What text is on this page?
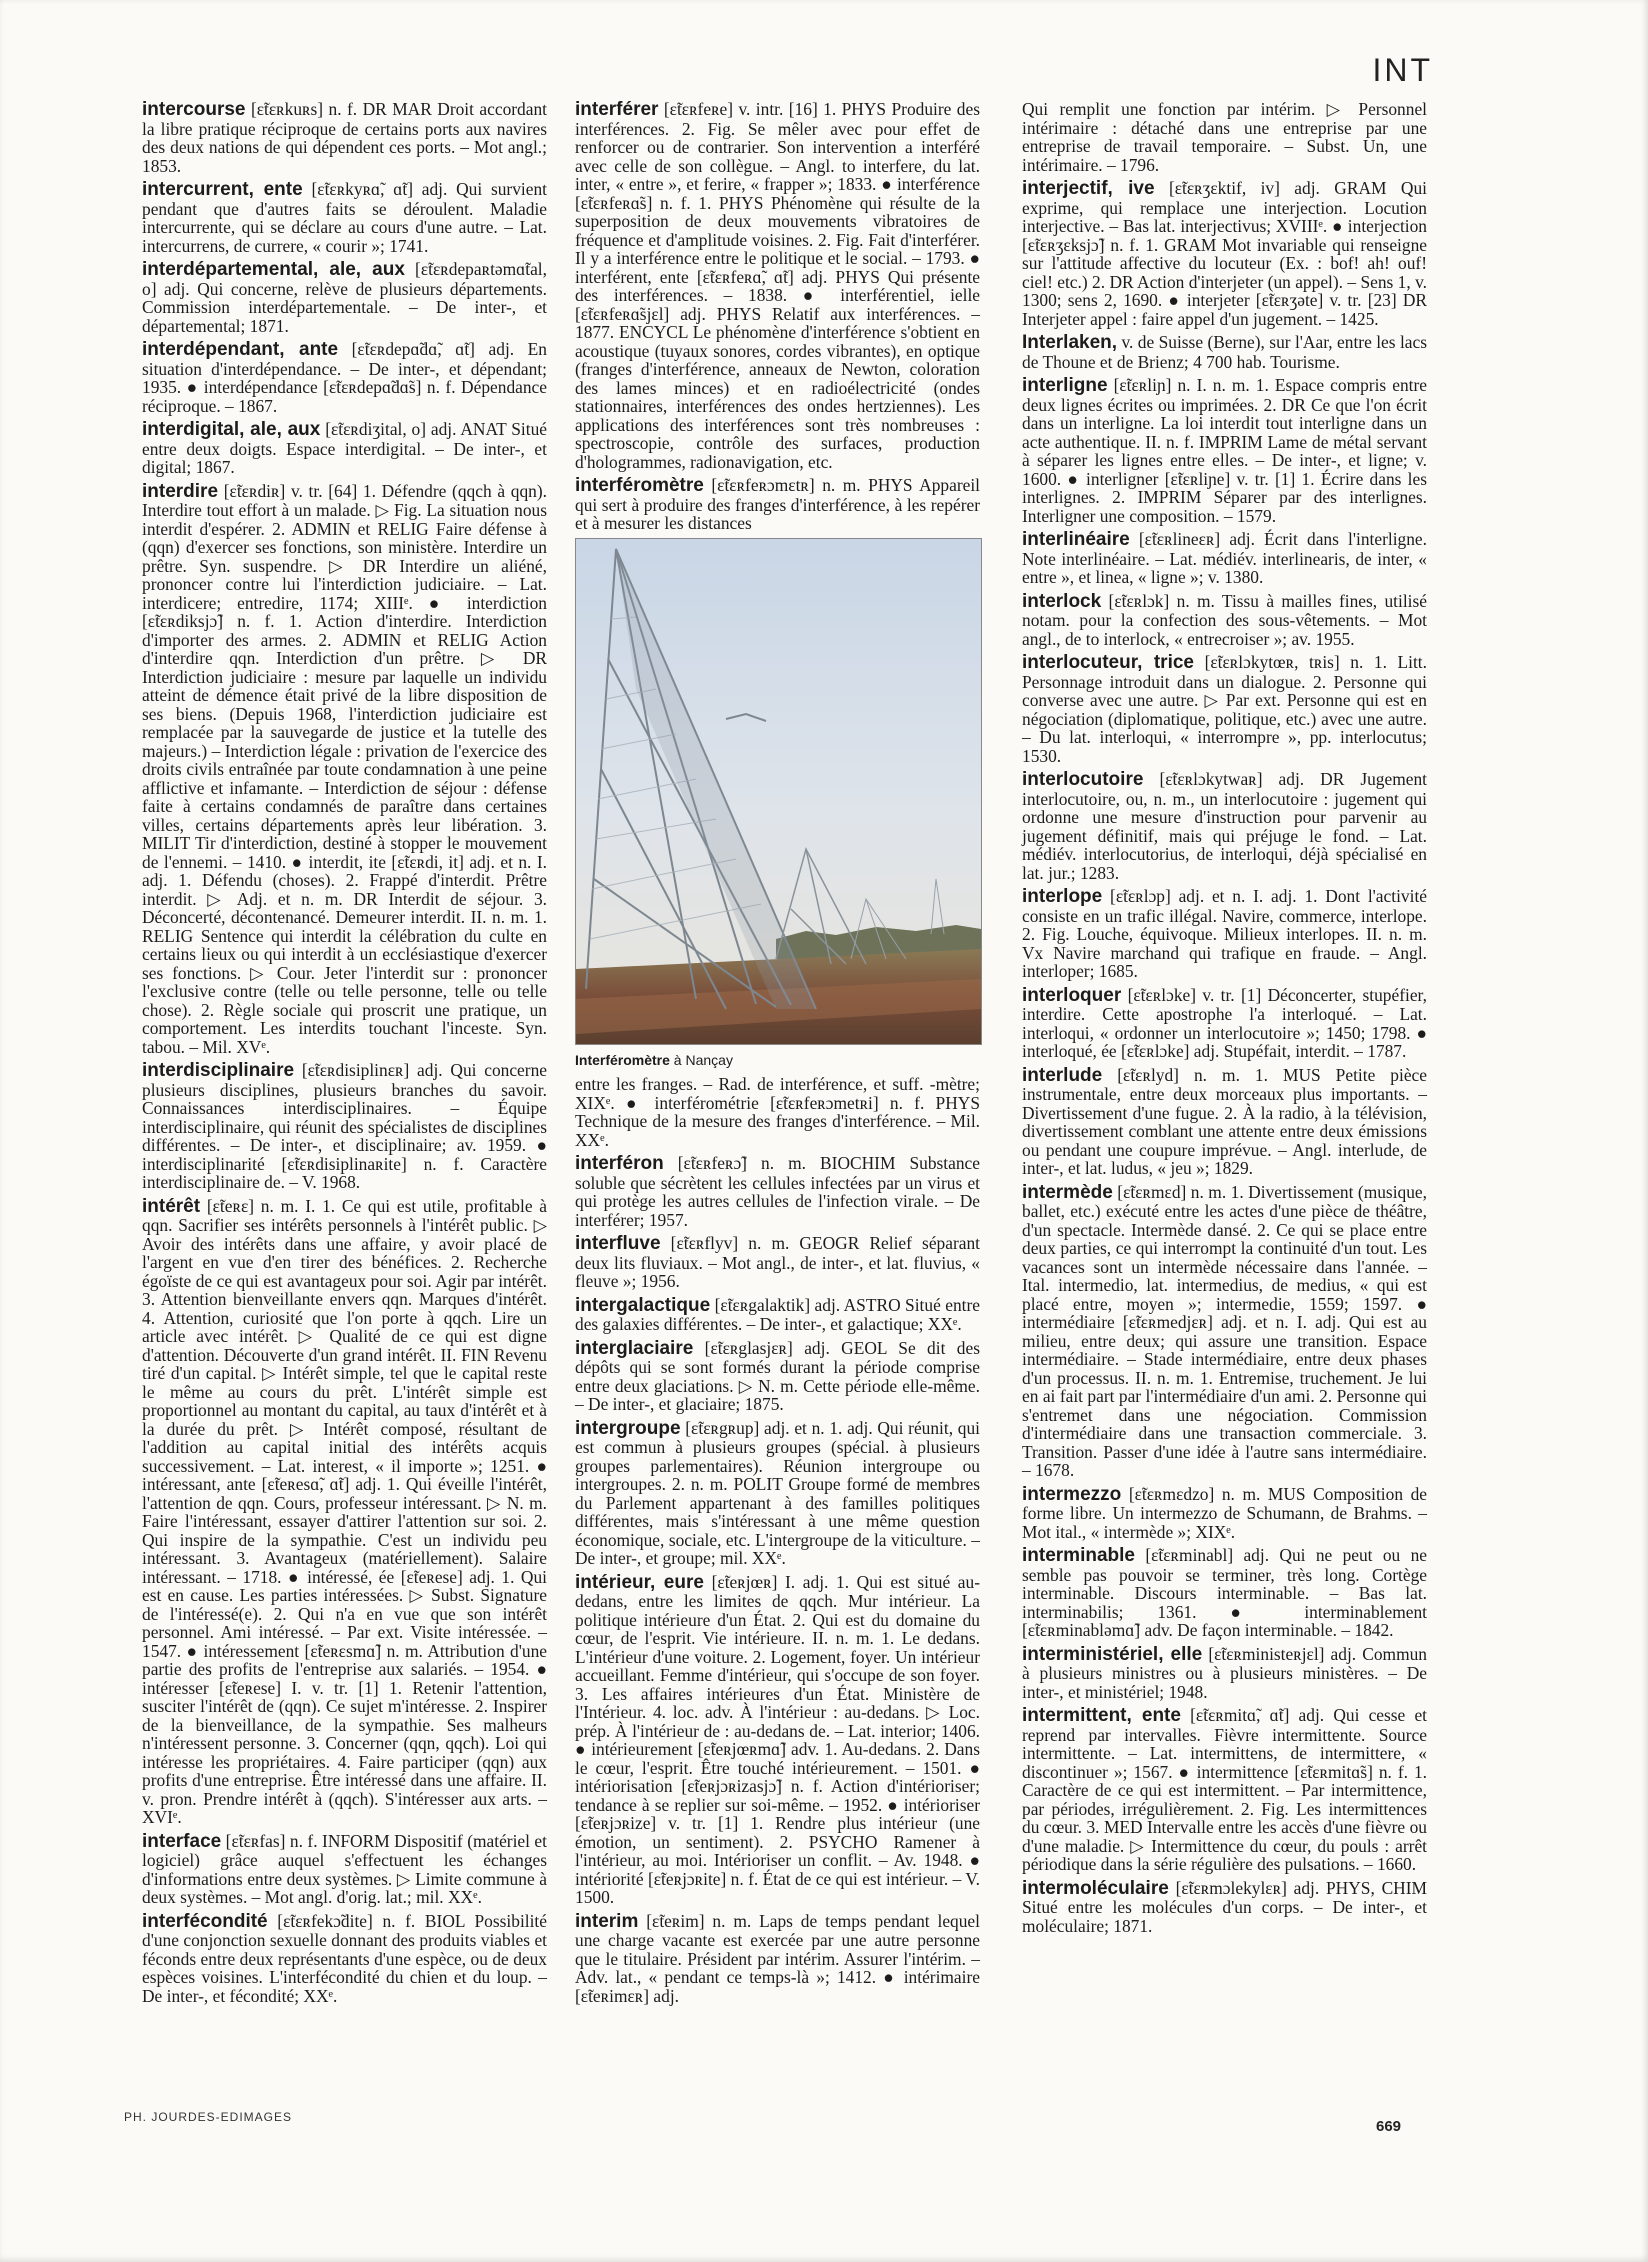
INT

intercourse [ɛ̃tɛʀkuʀs] n. f. DR MAR Droit accordant la libre pratique réciproque de certains ports aux navires des deux nations de qui dépendent ces ports. – Mot angl.; 1853.

intercurrent, ente [ɛ̃tɛʀkyʀɑ̃, ɑ̃t] adj. Qui survient pendant que d'autres faits se déroulent. Maladie intercurrente, qui se déclare au cours d'une autre. – Lat. intercurrens, de currere, « courir »; 1741.

interdépartemental, ale, aux [ɛ̃tɛʀdepaʀtəmɑ̃tal, o] adj. Qui concerne, relève de plusieurs départements. Commission interdépartementale. – De inter-, et départemental; 1871.

interdépendant, ante [ɛ̃tɛʀdepɑ̃dɑ̃, ɑ̃t] adj. En situation d'interdépendance. – De inter-, et dépendant; 1935. ● interdépendance [ɛ̃tɛʀdepɑ̃dɑ̃s] n. f. Dépendance réciproque. – 1867.

interdigital, ale, aux [ɛ̃tɛʀdiʒital, o] adj. ANAT Situé entre deux doigts. Espace interdigital. – De inter-, et digital; 1867.

interdire [ɛ̃tɛʀdiʀ] v. tr. [64] 1. Défendre (qqch à qqn). Interdire tout effort à un malade. ▷ Fig. La situation nous interdit d'espérer. 2. ADMIN et RELIG Faire défense à (qqn) d'exercer ses fonctions, son ministère. Interdire un prêtre. Syn. suspendre. ▷ DR Interdire un aliéné, prononcer contre lui l'interdiction judiciaire. – Lat. interdicere; entredire, 1174; XIIIᵉ. ● interdiction [ɛ̃tɛʀdiksjɔ̃] n. f. 1. Action d'interdire. Interdiction d'importer des armes. 2. ADMIN et RELIG Action d'interdire qqn. Interdiction d'un prêtre. ▷ DR Interdiction judiciaire : mesure par laquelle un individu atteint de démence était privé de la libre disposition de ses biens. (Depuis 1968, l'interdiction judiciaire est remplacée par la sauvegarde de justice et la tutelle des majeurs.) – Interdiction légale : privation de l'exercice des droits civils entraînée par toute condamnation à une peine afflictive et infamante. – Interdiction de séjour : défense faite à certains condamnés de paraître dans certaines villes, certains départements après leur libération. 3. MILIT Tir d'interdiction, destiné à stopper le mouvement de l'ennemi. – 1410. ● interdit, ite [ɛ̃tɛʀdi, it] adj. et n. I. adj. 1. Défendu (choses). 2. Frappé d'interdit. Prêtre interdit. ▷ Adj. et n. m. DR Interdit de séjour. 3. Déconcerté, décontenancé. Demeurer interdit. II. n. m. 1. RELIG Sentence qui interdit la célébration du culte en certains lieux ou qui interdit à un ecclésiastique d'exercer ses fonctions. ▷ Cour. Jeter l'interdit sur : prononcer l'exclusive contre (telle ou telle personne, telle ou telle chose). 2. Règle sociale qui proscrit une pratique, un comportement. Les interdits touchant l'inceste. Syn. tabou. – Mil. XVᵉ.

interdisciplinaire [ɛ̃tɛʀdisiplinɛʀ] adj. Qui concerne plusieurs disciplines, plusieurs branches du savoir. Connaissances interdisciplinaires. – Équipe interdisciplinaire, qui réunit des spécialistes de disciplines différentes. – De inter-, et disciplinaire; av. 1959. ● interdisciplinarité [ɛ̃tɛʀdisiplinaʀite] n. f. Caractère interdisciplinaire de. – V. 1968.

intérêt [ɛ̃teʀɛ] n. m. I. 1. Ce qui est utile, profitable à qqn. Sacrifier ses intérêts personnels à l'intérêt public. ▷ Avoir des intérêts dans une affaire, y avoir placé de l'argent en vue d'en tirer des bénéfices. 2. Recherche égoïste de ce qui est avantageux pour soi. Agir par intérêt. 3. Attention bienveillante envers qqn. Marques d'intérêt. 4. Attention, curiosité que l'on porte à qqch. Lire un article avec intérêt. ▷ Qualité de ce qui est digne d'attention. Découverte d'un grand intérêt. II. FIN Revenu tiré d'un capital. ▷ Intérêt simple, tel que le capital reste le même au cours du prêt. L'intérêt simple est proportionnel au montant du capital, au taux d'intérêt et à la durée du prêt. ▷ Intérêt composé, résultant de l'addition au capital initial des intérêts acquis successivement. – Lat. interest, « il importe »; 1251. ● intéressant, ante [ɛ̃teʀesɑ̃, ɑ̃t] adj. 1. Qui éveille l'intérêt, l'attention de qqn. Cours, professeur intéressant. ▷ N. m. Faire l'intéressant, essayer d'attirer l'attention sur soi. 2. Qui inspire de la sympathie. C'est un individu peu intéressant. 3. Avantageux (matériellement). Salaire intéressant. – 1718. ● intéressé, ée [ɛ̃teʀese] adj. 1. Qui est en cause. Les parties intéressées. ▷ Subst. Signature de l'intéressé(e). 2. Qui n'a en vue que son intérêt personnel. Ami intéressé. – Par ext. Visite intéressée. – 1547. ● intéressement [ɛ̃teʀɛsmɑ̃] n. m. Attribution d'une partie des profits de l'entreprise aux salariés. – 1954. ● intéresser [ɛ̃teʀese] I. v. tr. [1] 1. Retenir l'attention, susciter l'intérêt de (qqn). Ce sujet m'intéresse. 2. Inspirer de la bienveillance, de la sympathie. Ses malheurs n'intéressent personne. 3. Concerner (qqn, qqch). Loi qui intéresse les propriétaires. 4. Faire participer (qqn) aux profits d'une entreprise. Être intéressé dans une affaire. II. v. pron. Prendre intérêt à (qqch). S'intéresser aux arts. – XVIᵉ.

interface [ɛ̃tɛʀfas] n. f. INFORM Dispositif (matériel et logiciel) grâce auquel s'effectuent les échanges d'informations entre deux systèmes. ▷ Limite commune à deux systèmes. – Mot angl. d'orig. lat.; mil. XXᵉ.

interfécondité [ɛ̃tɛʀfekɔ̃dite] n. f. BIOL Possibilité d'une conjonction sexuelle donnant des produits viables et féconds entre deux représentants d'une espèce, ou de deux espèces voisines. L'interfécondité du chien et du loup. – De inter-, et fécondité; XXᵉ.

interférer [ɛ̃tɛʀfeʀe] v. intr. [16] 1. PHYS Produire des interférences. 2. Fig. Se mêler avec pour effet de renforcer ou de contrarier. Son intervention a interféré avec celle de son collègue. – Angl. to interfere, du lat. inter, « entre », et ferire, « frapper »; 1833. ● interférence [ɛ̃tɛʀfeʀɑ̃s] n. f. 1. PHYS Phénomène qui résulte de la superposition de deux mouvements vibratoires de fréquence et d'amplitude voisines. 2. Fig. Fait d'interférer. Il y a interférence entre le politique et le social. – 1793. ● interférent, ente [ɛ̃tɛʀfeʀɑ̃, ɑ̃t] adj. PHYS Qui présente des interférences. – 1838. ● interférentiel, ielle [ɛ̃tɛʀfeʀɑ̃sjɛl] adj. PHYS Relatif aux interférences. – 1877. ENCYCL Le phénomène d'interférence s'obtient en acoustique (tuyaux sonores, cordes vibrantes), en optique (franges d'interférence, anneaux de Newton, coloration des lames minces) et en radioélectricité (ondes stationnaires, interférences des ondes hertziennes). Les applications des interférences sont très nombreuses : spectroscopie, contrôle des surfaces, production d'hologrammes, radionavigation, etc.

interféromètre [ɛ̃tɛʀfeʀɔmɛtʀ] n. m. PHYS Appareil qui sert à produire des franges d'interférence, à les repérer et à mesurer les distances

Interféromètre à Nançay

entre les franges. – Rad. de interférence, et suff. -mètre; XIXᵉ. ● interférométrie [ɛ̃tɛʀfeʀɔmetʀi] n. f. PHYS Technique de la mesure des franges d'interférence. – Mil. XXᵉ.

interféron [ɛ̃tɛʀfeʀɔ̃] n. m. BIOCHIM Substance soluble que sécrètent les cellules infectées par un virus et qui protège les autres cellules de l'infection virale. – De interférer; 1957.

interfluve [ɛ̃tɛʀflyv] n. m. GEOGR Relief séparant deux lits fluviaux. – Mot angl., de inter-, et lat. fluvius, « fleuve »; 1956.

intergalactique [ɛ̃tɛʀgalaktik] adj. ASTRO Situé entre des galaxies différentes. – De inter-, et galactique; XXᵉ.

interglaciaire [ɛ̃tɛʀglasjɛʀ] adj. GEOL Se dit des dépôts qui se sont formés durant la période comprise entre deux glaciations. ▷ N. m. Cette période elle-même. – De inter-, et glaciaire; 1875.

intergroupe [ɛ̃tɛʀgʀup] adj. et n. 1. adj. Qui réunit, qui est commun à plusieurs groupes (spécial. à plusieurs groupes parlementaires). Réunion intergroupe ou intergroupes. 2. n. m. POLIT Groupe formé de membres du Parlement appartenant à des familles politiques différentes, mais s'intéressant à une même question économique, sociale, etc. L'intergroupe de la viticulture. – De inter-, et groupe; mil. XXᵉ.

intérieur, eure [ɛ̃teʀjœʀ] I. adj. 1. Qui est situé au-dedans, entre les limites de qqch. Mur intérieur. La politique intérieure d'un État. 2. Qui est du domaine du cœur, de l'esprit. Vie intérieure. II. n. m. 1. Le dedans. L'intérieur d'une voiture. 2. Logement, foyer. Un intérieur accueillant. Femme d'intérieur, qui s'occupe de son foyer. 3. Les affaires intérieures d'un État. Ministère de l'Intérieur. 4. loc. adv. À l'intérieur : au-dedans. ▷ Loc. prép. À l'intérieur de : au-dedans de. – Lat. interior; 1406. ● intérieurement [ɛ̃teʀjœʀmɑ̃] adv. 1. Au-dedans. 2. Dans le cœur, l'esprit. Être touché intérieurement. – 1501. ● intériorisation [ɛ̃teʀjɔʀizasjɔ̃] n. f. Action d'intérioriser; tendance à se replier sur soi-même. – 1952. ● intérioriser [ɛ̃teʀjɔʀize] v. tr. [1] 1. Rendre plus intérieur (une émotion, un sentiment). 2. PSYCHO Ramener à l'intérieur, au moi. Intérioriser un conflit. – Av. 1948. ● intériorité [ɛ̃teʀjɔʀite] n. f. État de ce qui est intérieur. – V. 1500.

interim [ɛ̃teʀim] n. m. Laps de temps pendant lequel une charge vacante est exercée par une autre personne que le titulaire. Président par intérim. Assurer l'intérim. – Adv. lat., « pendant ce temps-là »; 1412. ● intérimaire [ɛ̃teʀimɛʀ] adj.

Qui remplit une fonction par intérim. ▷ Personnel intérimaire : détaché dans une entreprise par une entreprise de travail temporaire. – Subst. Un, une intérimaire. – 1796.

interjectif, ive [ɛ̃tɛʀʒɛktif, iv] adj. GRAM Qui exprime, qui remplace une interjection. Locution interjective. – Bas lat. interjectivus; XVIIIᵉ. ● interjection [ɛ̃tɛʀʒɛksjɔ̃] n. f. 1. GRAM Mot invariable qui renseigne sur l'attitude affective du locuteur (Ex. : bof! ah! ouf! ciel! etc.) 2. DR Action d'interjeter (un appel). – Sens 1, v. 1300; sens 2, 1690. ● interjeter [ɛ̃tɛʀʒəte] v. tr. [23] DR Interjeter appel : faire appel d'un jugement. – 1425.

Interlaken, v. de Suisse (Berne), sur l'Aar, entre les lacs de Thoune et de Brienz; 4 700 hab. Tourisme.

interligne [ɛ̃tɛʀliɲ] n. I. n. m. 1. Espace compris entre deux lignes écrites ou imprimées. 2. DR Ce que l'on écrit dans un interligne. La loi interdit tout interligne dans un acte authentique. II. n. f. IMPRIM Lame de métal servant à séparer les lignes entre elles. – De inter-, et ligne; v. 1600. ● interligner [ɛ̃tɛʀliɲe] v. tr. [1] 1. Écrire dans les interlignes. 2. IMPRIM Séparer par des interlignes. Interligner une composition. – 1579.

interlinéaire [ɛ̃tɛʀlineɛʀ] adj. Écrit dans l'interligne. Note interlinéaire. – Lat. médiév. interlinearis, de inter, « entre », et linea, « ligne »; v. 1380.

interlock [ɛ̃tɛʀlɔk] n. m. Tissu à mailles fines, utilisé notam. pour la confection des sous-vêtements. – Mot angl., de to interlock, « entrecroiser »; av. 1955.

interlocuteur, trice [ɛ̃tɛʀlɔkytœʀ, tʀis] n. 1. Litt. Personnage introduit dans un dialogue. 2. Personne qui converse avec une autre. ▷ Par ext. Personne qui est en négociation (diplomatique, politique, etc.) avec une autre. – Du lat. interloqui, « interrompre », pp. interlocutus; 1530.

interlocutoire [ɛ̃tɛʀlɔkytwaʀ] adj. DR Jugement interlocutoire, ou, n. m., un interlocutoire : jugement qui ordonne une mesure d'instruction pour parvenir au jugement définitif, mais qui préjuge le fond. – Lat. médiév. interlocutorius, de interloqui, déjà spécialisé en lat. jur.; 1283.

interlope [ɛ̃tɛʀlɔp] adj. et n. I. adj. 1. Dont l'activité consiste en un trafic illégal. Navire, commerce, interlope. 2. Fig. Louche, équivoque. Milieux interlopes. II. n. m. Vx Navire marchand qui trafique en fraude. – Angl. interloper; 1685.

interloquer [ɛ̃tɛʀlɔke] v. tr. [1] Déconcerter, stupéfier, interdire. Cette apostrophe l'a interloqué. – Lat. interloqui, « ordonner un interlocutoire »; 1450; 1798. ● interloqué, ée [ɛ̃tɛʀlɔke] adj. Stupéfait, interdit. – 1787.

interlude [ɛ̃tɛʀlyd] n. m. 1. MUS Petite pièce instrumentale, entre deux morceaux plus importants. – Divertissement d'une fugue. 2. À la radio, à la télévision, divertissement comblant une attente entre deux émissions ou pendant une coupure imprévue. – Angl. interlude, de inter-, et lat. ludus, « jeu »; 1829.

intermède [ɛ̃tɛʀmɛd] n. m. 1. Divertissement (musique, ballet, etc.) exécuté entre les actes d'une pièce de théâtre, d'un spectacle. Intermède dansé. 2. Ce qui se place entre deux parties, ce qui interrompt la continuité d'un tout. Les vacances sont un intermède nécessaire dans l'année. – Ital. intermedio, lat. intermedius, de medius, « qui est placé entre, moyen »; intermedie, 1559; 1597. ● intermédiaire [ɛ̃tɛʀmedjɛʀ] adj. et n. I. adj. Qui est au milieu, entre deux; qui assure une transition. Espace intermédiaire. – Stade intermédiaire, entre deux phases d'un processus. II. n. m. 1. Entremise, truchement. Je lui en ai fait part par l'intermédiaire d'un ami. 2. Personne qui s'entremet dans une négociation. Commission d'intermédiaire dans une transaction commerciale. 3. Transition. Passer d'une idée à l'autre sans intermédiaire. – 1678.

intermezzo [ɛ̃tɛʀmɛdzo] n. m. MUS Composition de forme libre. Un intermezzo de Schumann, de Brahms. – Mot ital., « intermède »; XIXᵉ.

interminable [ɛ̃tɛʀminabl] adj. Qui ne peut ou ne semble pas pouvoir se terminer, très long. Cortège interminable. Discours interminable. – Bas lat. interminabilis; 1361. ● interminablement [ɛ̃tɛʀminabləmɑ̃] adv. De façon interminable. – 1842.

interministériel, elle [ɛ̃tɛʀministeʀjɛl] adj. Commun à plusieurs ministres ou à plusieurs ministères. – De inter-, et ministériel; 1948.

intermittent, ente [ɛ̃tɛʀmitɑ̃, ɑ̃t] adj. Qui cesse et reprend par intervalles. Fièvre intermittente. Source intermittente. – Lat. intermittens, de intermittere, « discontinuer »; 1567. ● intermittence [ɛ̃tɛʀmitɑ̃s] n. f. 1. Caractère de ce qui est intermittent. – Par intermittence, par périodes, irrégulièrement. 2. Fig. Les intermittences du cœur. 3. MED Intervalle entre les accès d'une fièvre ou d'une maladie. ▷ Intermittence du cœur, du pouls : arrêt périodique dans la série régulière des pulsations. – 1660.

intermoléculaire [ɛ̃tɛʀmɔlekylɛʀ] adj. PHYS, CHIM Situé entre les molécules d'un corps. – De inter-, et moléculaire; 1871.

PH. JOURDES-EDIMAGES
669
